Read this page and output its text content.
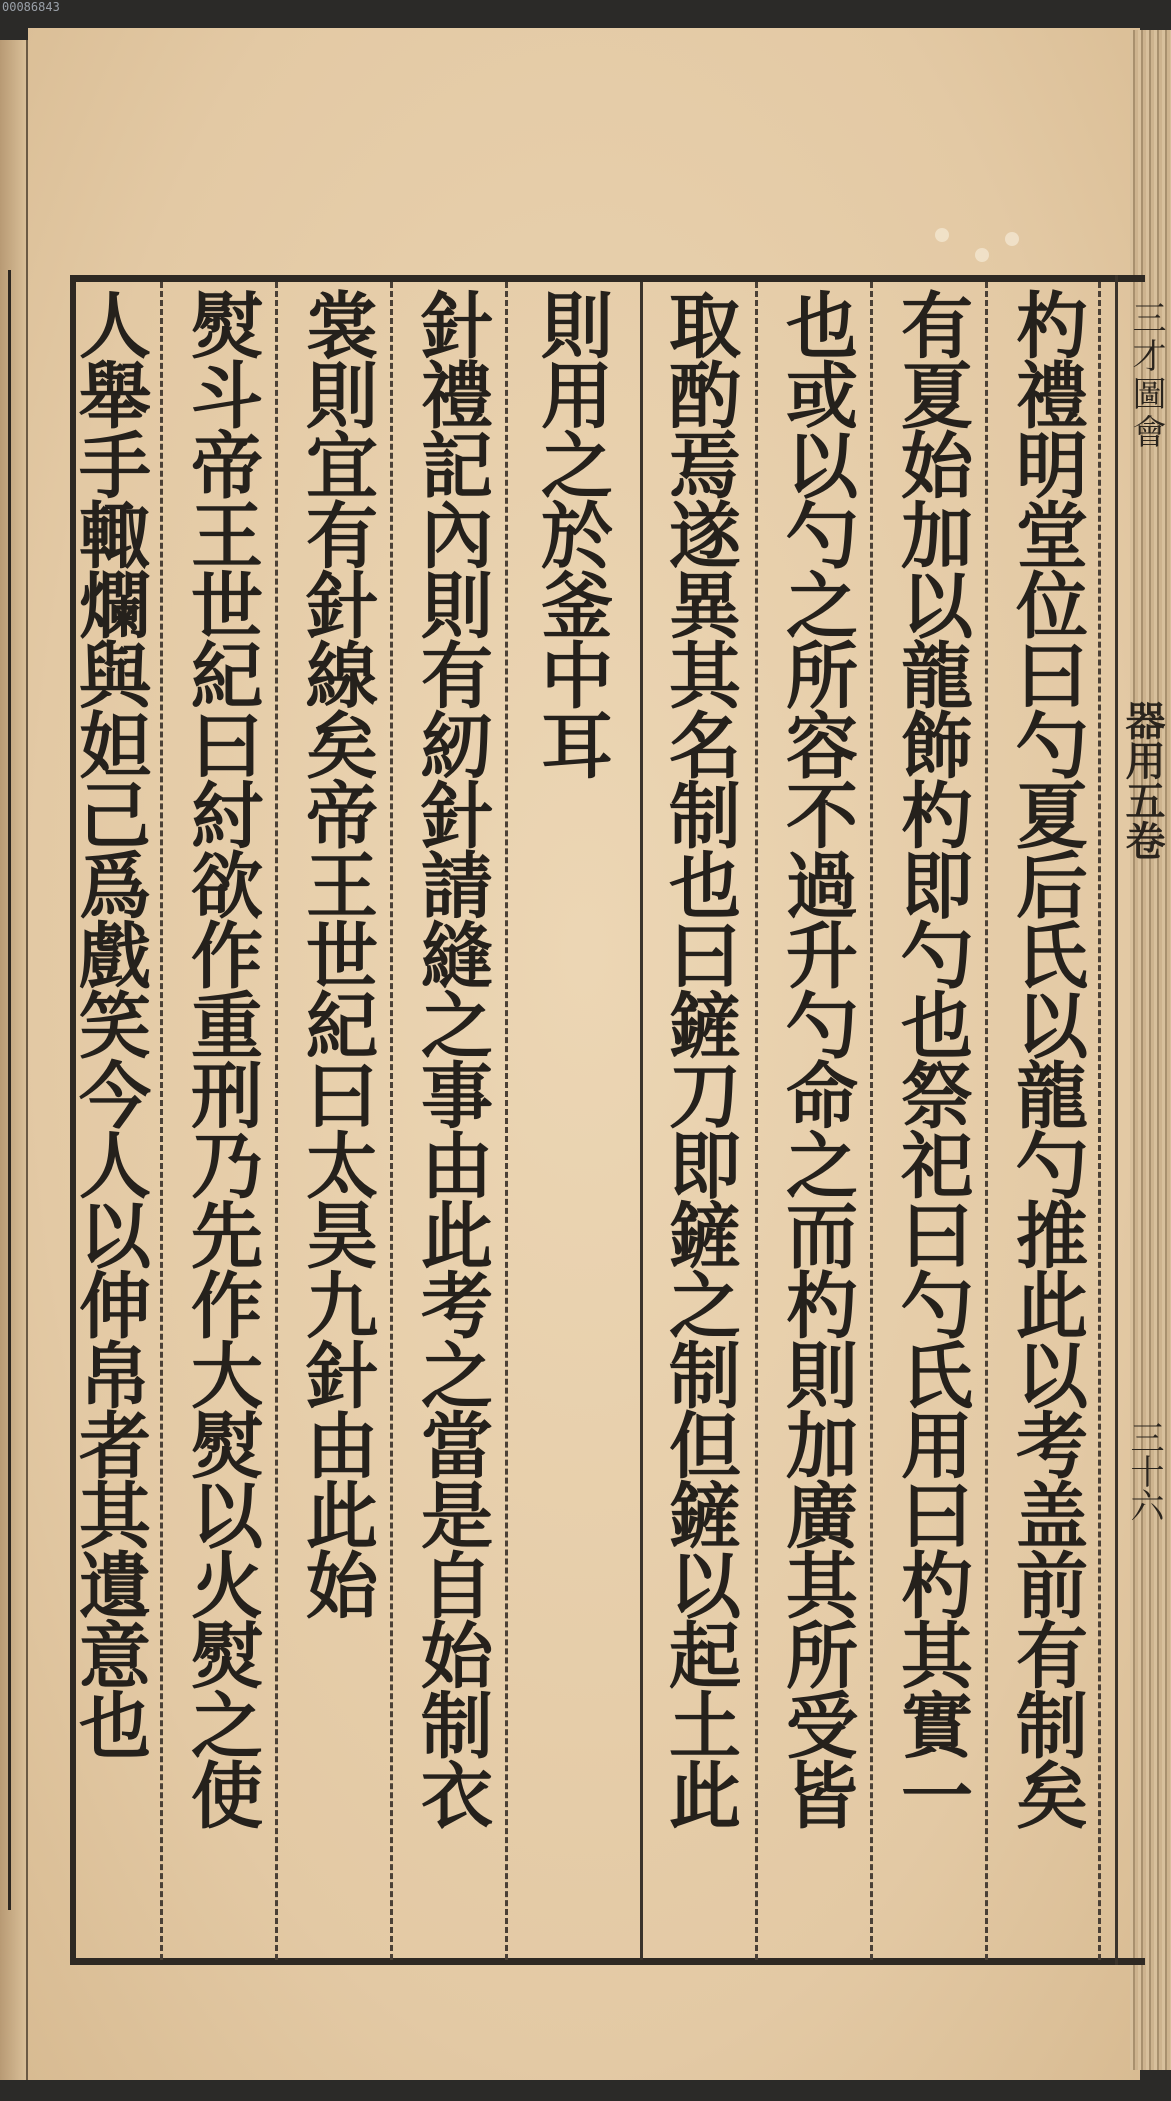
00086843
三才圖會
器用五卷
三十六
杓禮明堂位曰勺夏后氏以龍勺推此以考盖前有制矣
有夏始加以龍飾杓即勺也祭祀曰勺氏用曰杓其實一
也或以勺之所容不過升勺命之而杓則加廣其所受皆
取酌焉遂異其名制也曰鏟刀即鏟之制但鏟以起土此
則用之於釜中耳
針禮記內則有紉針請縫之事由此考之當是自始制衣
裳則宜有針線矣帝王世紀曰太昊九針由此始
熨斗帝王世紀曰紂欲作重刑乃先作大熨以火熨之使
人舉手輙爛與妲己爲戲笑今人以伸帛者其遺意也
